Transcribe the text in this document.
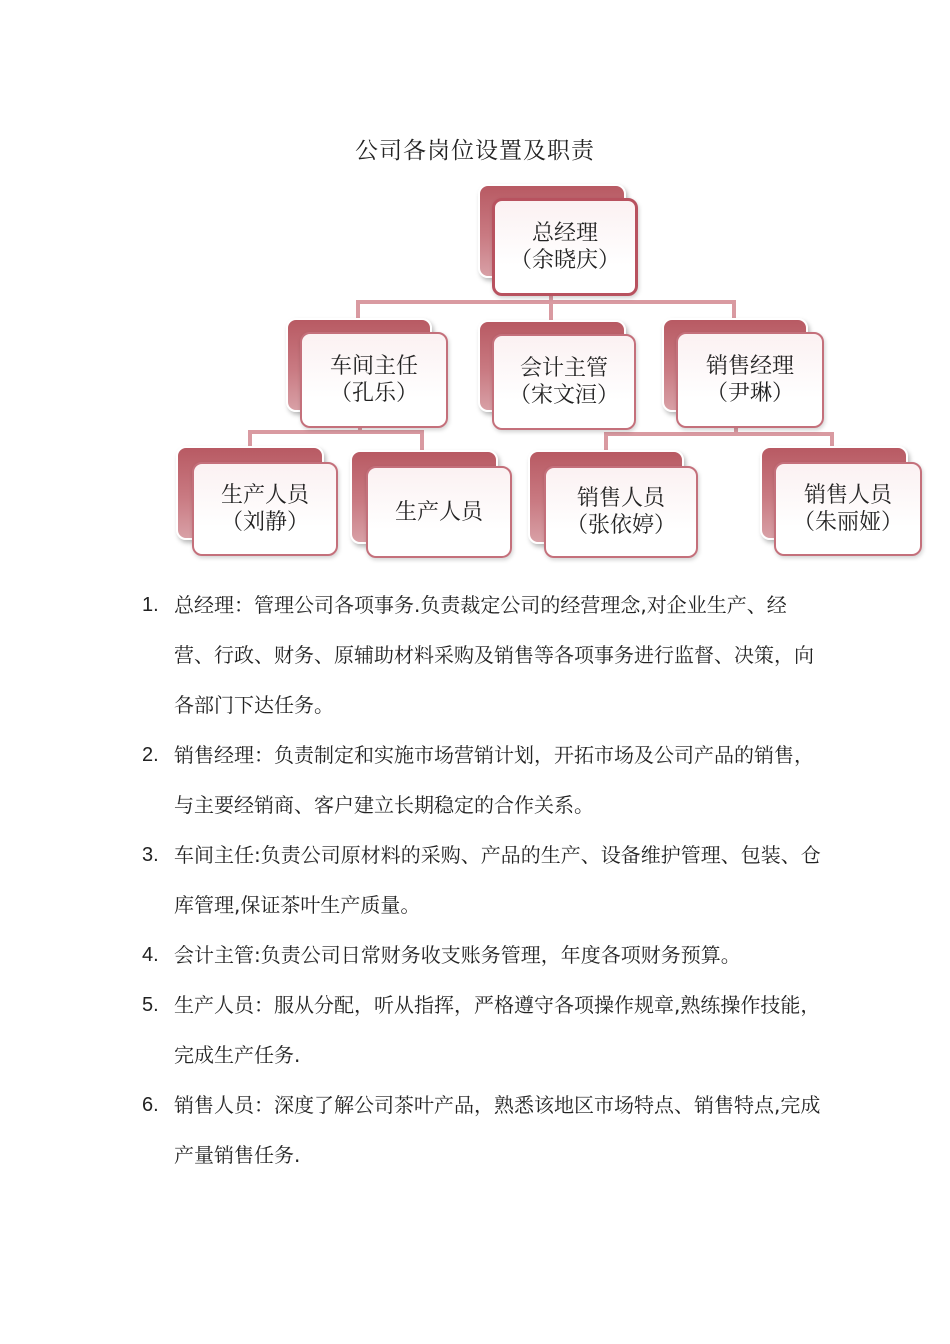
公司各岗位设置及职责
总经理
（余晓庆）
车间主任
（孔乐）
会计主管
（宋文洹）
销售经理
（尹琳）
生产人员
（刘静）	生产人员
销售人员
（张依婷）
销售人员
（朱丽娅）
1. 总经理：管理公司各项事务.负责裁定公司的经营理念,对企业生产、经营、行政、财务、原辅助材料采购及销售等各项事务进行监督、决策，向各部门下达任务。
2. 销售经理：负责制定和实施市场营销计划，开拓市场及公司产品的销售，与主要经销商、客户建立长期稳定的合作关系。
3. 车间主任:负责公司原材料的采购、产品的生产、设备维护管理、包装、仓库管理,保证茶叶生产质量。
4. 会计主管:负责公司日常财务收支账务管理，年度各项财务预算。
5. 生产人员：服从分配，听从指挥，严格遵守各项操作规章,熟练操作技能，完成生产任务.
6. 销售人员：深度了解公司茶叶产品，熟悉该地区市场特点、销售特点,完成产量销售任务.
